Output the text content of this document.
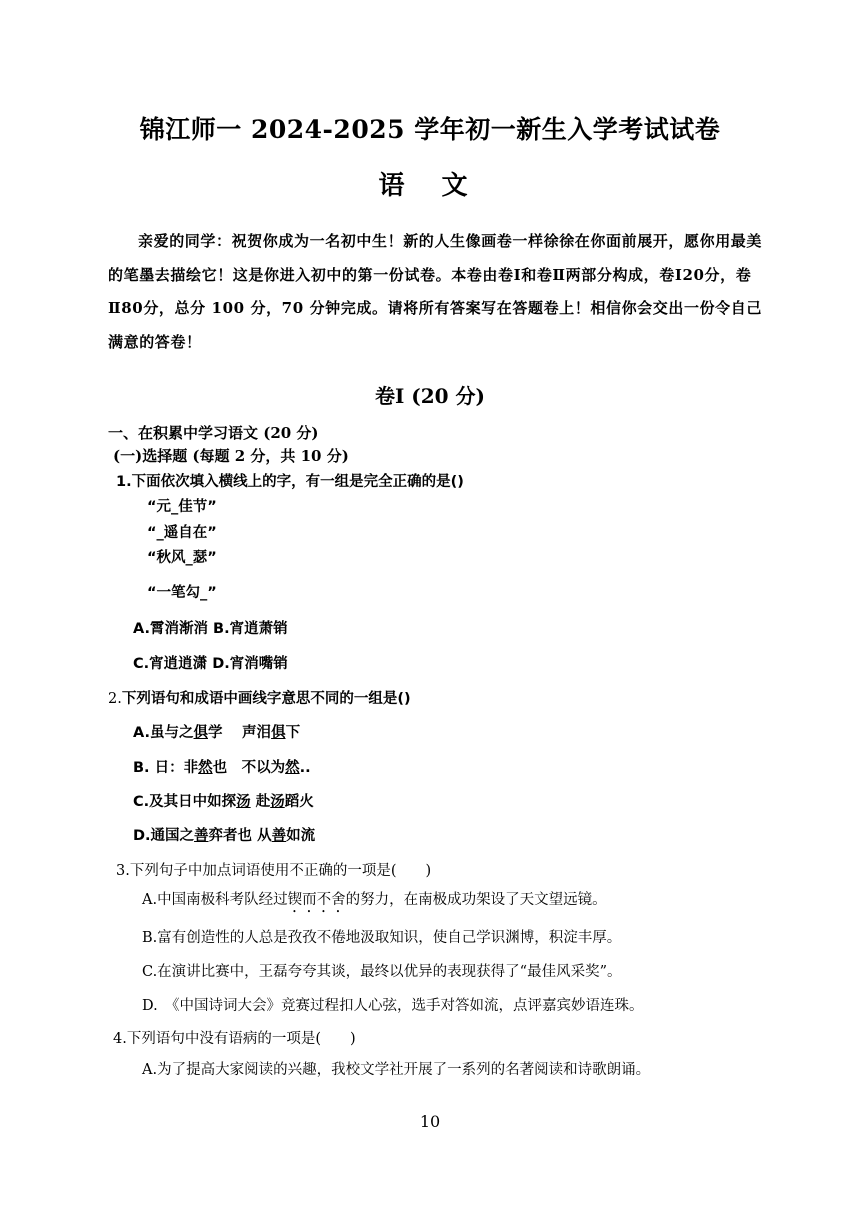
锦江师一 2024-2025 学年初一新生入学考试试卷
语 文
亲爱的同学：祝贺你成为一名初中生！新的人生像画卷一样徐徐在你面前展开，愿你用最美的笔墨去描绘它！这是你进入初中的第一份试卷。本卷由卷Ⅰ和卷Ⅱ两部分构成，卷Ⅰ20分，卷Ⅱ80分，总分 100 分，70 分钟完成。请将所有答案写在答题卷上！相信你会交出一份令自己满意的答卷！
卷Ⅰ (20 分)
一、在积累中学习语文 (20 分)
(一)选择题 (每题 2 分，共 10 分)
1.下面依次填入横线上的字，有一组是完全正确的是()
“元_佳节”
“_遥自在”
“秋风_瑟”
“一笔勾_”
A.霄消渐消 B.宵逍萧销
C.宵逍逍潇 D.宵消嘴销
2.下列语句和成语中画线字意思不同的一组是()
A.虽与之俱学　 声泪俱下
B. 日：非然也　不以为然..
C.及其日中如探汤 赴汤蹈火
D.通国之善弈者也 从善如流
3.下列句子中加点词语使用不正确的一项是(　　)
A.中国南极科考队经过锲而不舍的努力，在南极成功架设了天文望远镜。
B.富有创造性的人总是孜孜不倦地汲取知识，使自己学识渊博，积淀丰厚。
C.在演讲比赛中，王磊夸夸其谈，最终以优异的表现获得了“最佳风采奖”。
D.　《中国诗词大会》竞赛过程扣人心弦，选手对答如流，点评嘉宾妙语连珠。
4.下列语句中没有语病的一项是(　　)
A.为了提高大家阅读的兴趣，我校文学社开展了一系列的名著阅读和诗歌朗诵。
10
